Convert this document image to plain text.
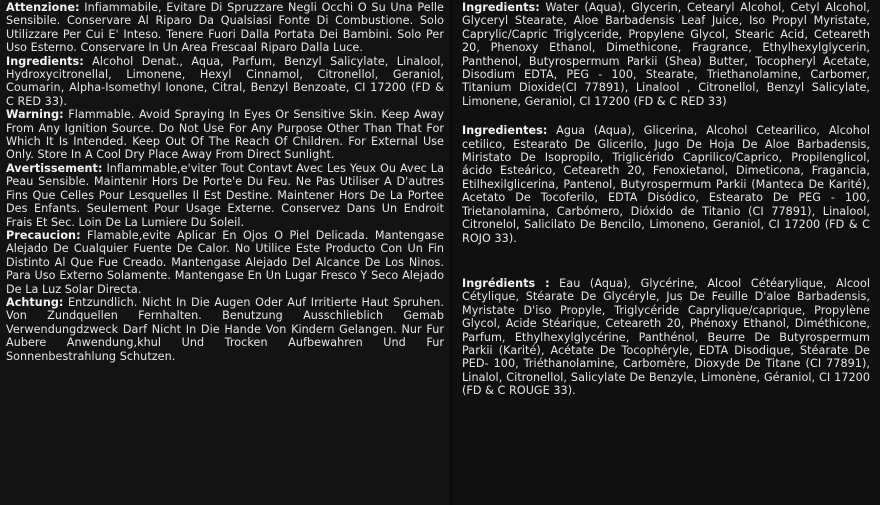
Attenzione: Infiammabile, Evitare Di Spruzzare Negli Occhi O Su Una Pelle Sensibile. Conservare Al Riparo Da Qualsiasi Fonte Di Combustione. Solo Utilizzare Per Cui E' Inteso. Tenere Fuori Dalla Portata Dei Bambini. Solo Per Uso Esterno. Conservare In Un Area Frescaal Riparo Dalla Luce.

Ingredients: Alcohol Denat., Aqua, Parfum, Benzyl Salicylate, Linalool, Hydroxycitronellal, Limonene, Hexyl Cinnamol, Citronellol, Geraniol, Coumarin, Alpha-Isomethyl Ionone, Citral, Benzyl Benzoate, CI 17200 (FD & C RED 33).

Warning: Flammable. Avoid Spraying In Eyes Or Sensitive Skin. Keep Away From Any Ignition Source. Do Not Use For Any Purpose Other Than That For Which It Is Intended. Keep Out Of The Reach Of Children. For External Use Only. Store In A Cool Dry Place Away From Direct Sunlight.

Avertissement: Inflammable,e'viter Tout Contavt Avec Les Yeux Ou Avec La Peau Sensible. Maintenir Hors De Porte'e Du Feu. Ne Pas Utiliser A D'autres Fins Que Celles Pour Lesquelles Il Est Destine. Maintener Hors De La Portee Des Enfants. Seulement Pour Usage Externe. Conservez Dans Un Endroit Frais Et Sec. Loin De La Lumiere Du Soleil.

Precaucion: Flamable,evite Aplicar En Ojos O Piel Delicada. Mantengase Alejado De Cualquier Fuente De Calor. No Utilice Este Producto Con Un Fin Distinto Al Que Fue Creado. Mantengase Alejado Del Alcance De Los Ninos. Para Uso Externo Solamente. Mantengase En Un Lugar Fresco Y Seco Alejado De La Luz Solar Directa.

Achtung: Entzundlich. Nicht In Die Augen Oder Auf Irritierte Haut Spruhen. Von Zundquellen Fernhalten. Benutzung Ausschlieblich Gemab Verwendungdzweck Darf Nicht In Die Hande Von Kindern Gelangen. Nur Fur Aubere Anwendung,khul Und Trocken Aufbewahren Und Fur Sonnenbestrahlung Schutzen.

Ingredients: Water (Aqua), Glycerin, Cetearyl Alcohol, Cetyl Alcohol, Glyceryl Stearate, Aloe Barbadensis Leaf Juice, Iso Propyl Myristate, Caprylic/Capric Triglyceride, Propylene Glycol, Stearic Acid, Ceteareth 20, Phenoxy Ethanol, Dimethicone, Fragrance, Ethylhexylglycerin, Panthenol, Butyrospermum Parkii (Shea) Butter, Tocopheryl Acetate, Disodium EDTA, PEG - 100, Stearate, Triethanolamine, Carbomer, Titanium Dioxide(CI 77891), Linalool , Citronellol, Benzyl Salicylate, Limonene, Geraniol, CI 17200 (FD & C RED 33)

Ingredientes: Agua (Aqua), Glicerina, Alcohol Cetearilico, Alcohol cetilico, Estearato De Glicerilo, Jugo De Hoja De Aloe Barbadensis, Miristato De Isopropilo, Triglicérido Caprilico/Caprico, Propilenglicol, ácido Esteárico, Ceteareth 20, Fenoxietanol, Dimeticona, Fragancia, Etilhexilglicerina, Pantenol, Butyrospermum Parkii (Manteca De Karité), Acetato De Tocoferilo, EDTA Disódico, Estearato De PEG - 100, Trietanolamina, Carbómero, Dióxido de Titanio (CI 77891), Linalool, Citronelol, Salicilato De Bencilo, Limoneno, Geraniol, CI 17200 (FD & C ROJO 33).

Ingrédients : Eau (Aqua), Glycérine, Alcool Cétéarylique, Alcool Cétylique, Stéarate De Glycéryle, Jus De Feuille D'aloe Barbadensis, Myristate D'iso Propyle, Triglycéride Caprylique/caprique, Propylène Glycol, Acide Stéarique, Ceteareth 20, Phénoxy Ethanol, Diméthicone, Parfum, Ethylhexylglycérine, Panthénol, Beurre De Butyrospermum Parkii (Karité), Acétate De Tocophéryle, EDTA Disodique, Stéarate De PED- 100, Triéthanolamine, Carbomère, Dioxyde De Titane (CI 77891), Linalol, Citronellol, Salicylate De Benzyle, Limonène, Géraniol, CI 17200 (FD & C ROUGE 33).
